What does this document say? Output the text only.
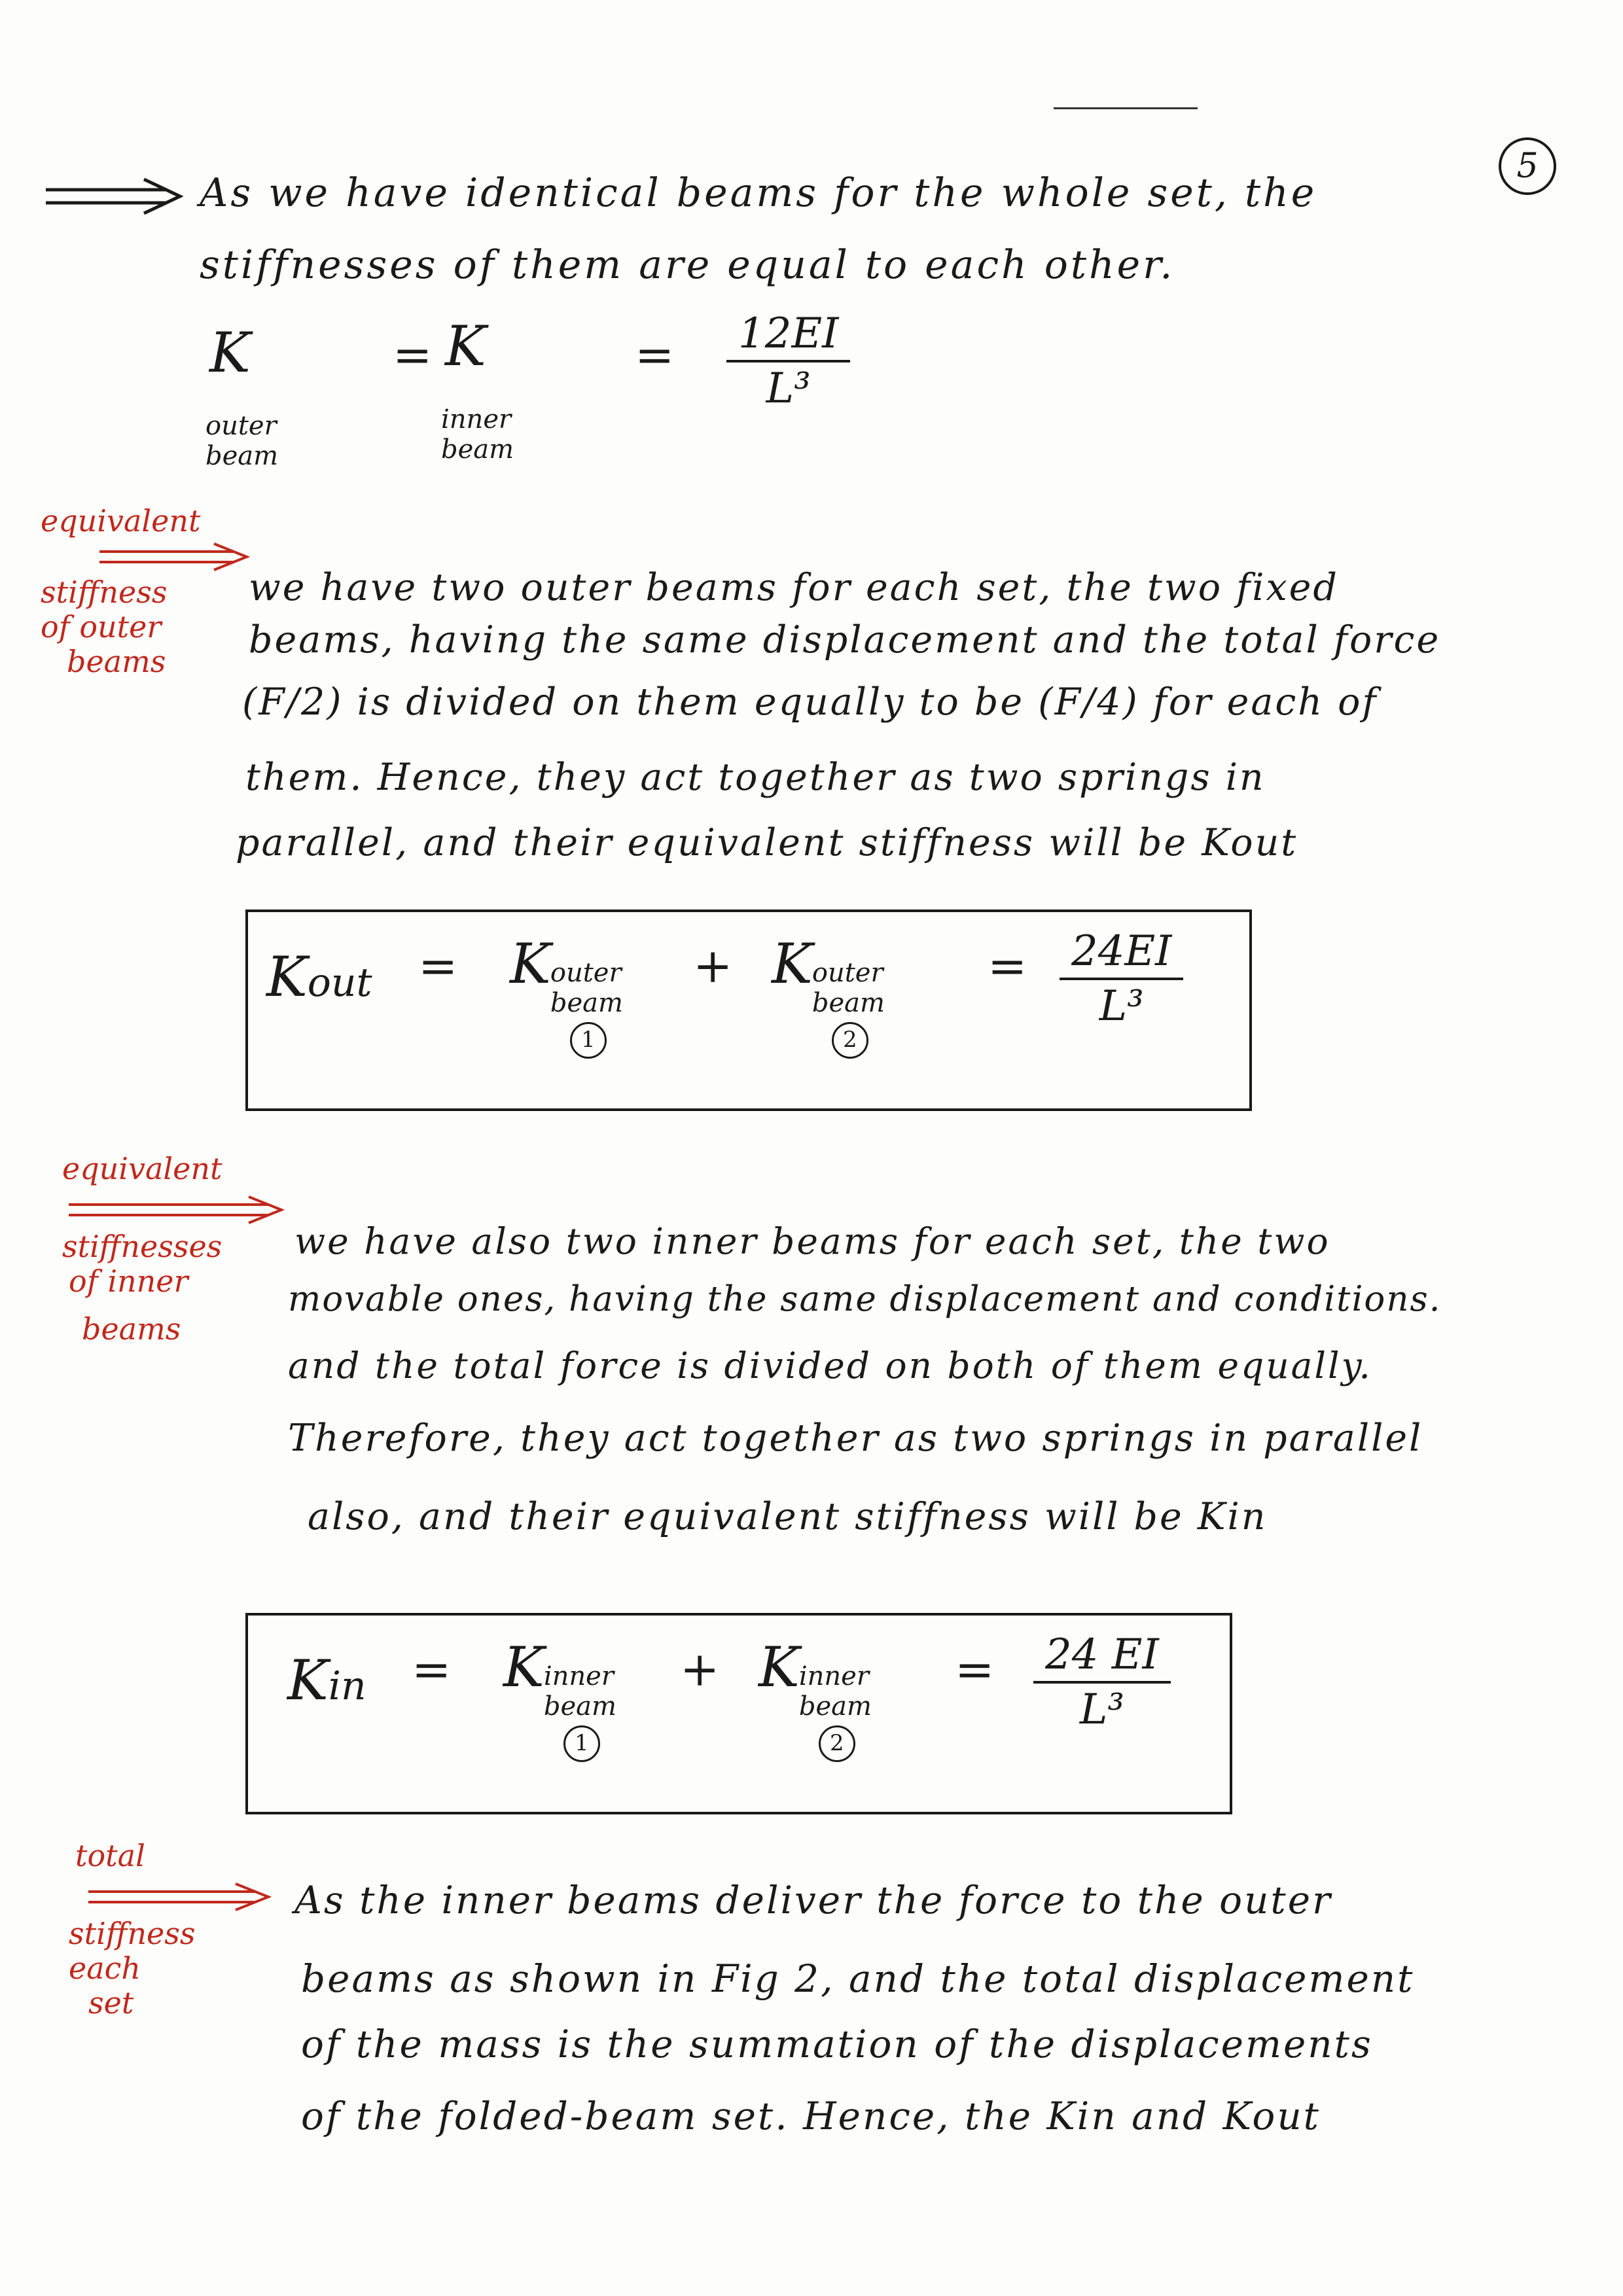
5
As we have identical beams for the whole set, the
stiffnesses of them are equal to each other.
K
outer
beam
= K
inner
beam
= $\frac{12EI}{\text{L³}}$
equivalent
stiffness
of outer
beams
we have two outer beams for each set, the two fixed
beams, having the same displacement and the total force
(F/2) is divided on them equally to be (F/4) for each of
them. Hence, they act together as two springs in
parallel, and their equivalent stiffness will be Kout
Kout = K outer
beam
1
+ K outer
beam
2
= $\frac{24EI}{\text{L³}}$
equivalent
stiffnesses
of inner
beams
we have also two inner beams for each set, the two
movable ones, having the same displacement and conditions.
and the total force is divided on both of them equally.
Therefore, they act together as two springs in parallel
also, and their equivalent stiffness will be Kin
Kin = K inner
beam
1
+ K inner
beam
2
= $\frac{24 EI}{\text{L³}}$
total
stiffness
each
set
As the inner beams deliver the force to the outer
beams as shown in Fig 2, and the total displacement
of the mass is the summation of the displacements
of the folded-beam set. Hence, the Kin and Kout
